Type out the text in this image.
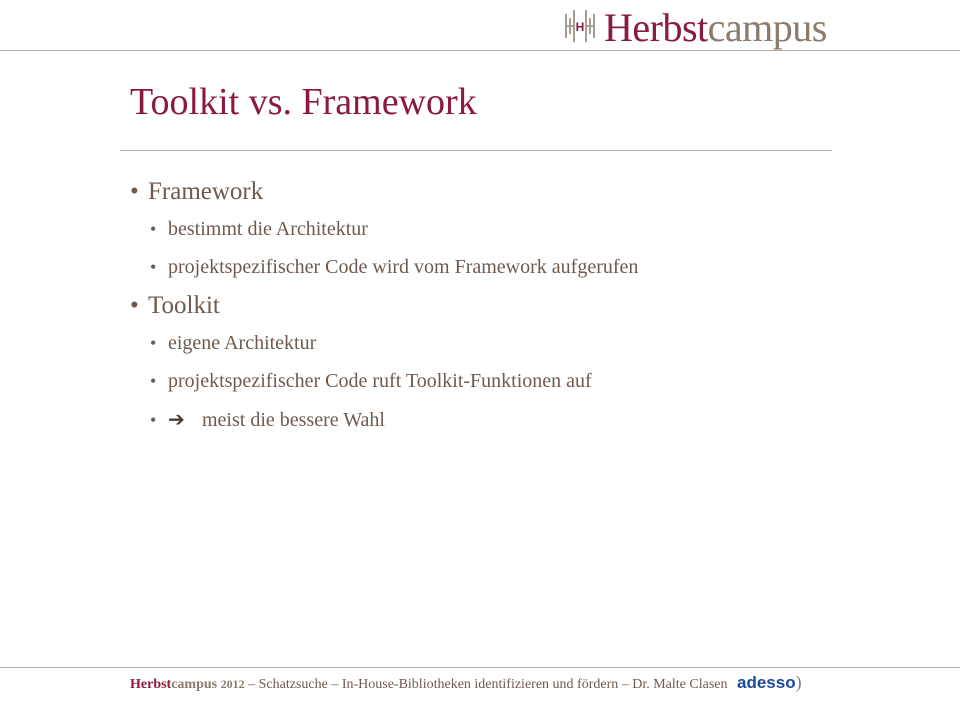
H Herbstcampus
Toolkit vs. Framework
• Framework
• bestimmt die Architektur
• projektspezifischer Code wird vom Framework aufgerufen
• Toolkit
• eigene Architektur
• projektspezifischer Code ruft Toolkit-Funktionen auf
• ➔ meist die bessere Wahl
Herbstcampus 2012 – Schatzsuche – In-House-Bibliotheken identifizieren und fördern – Dr. Malte Clasen adesso)
